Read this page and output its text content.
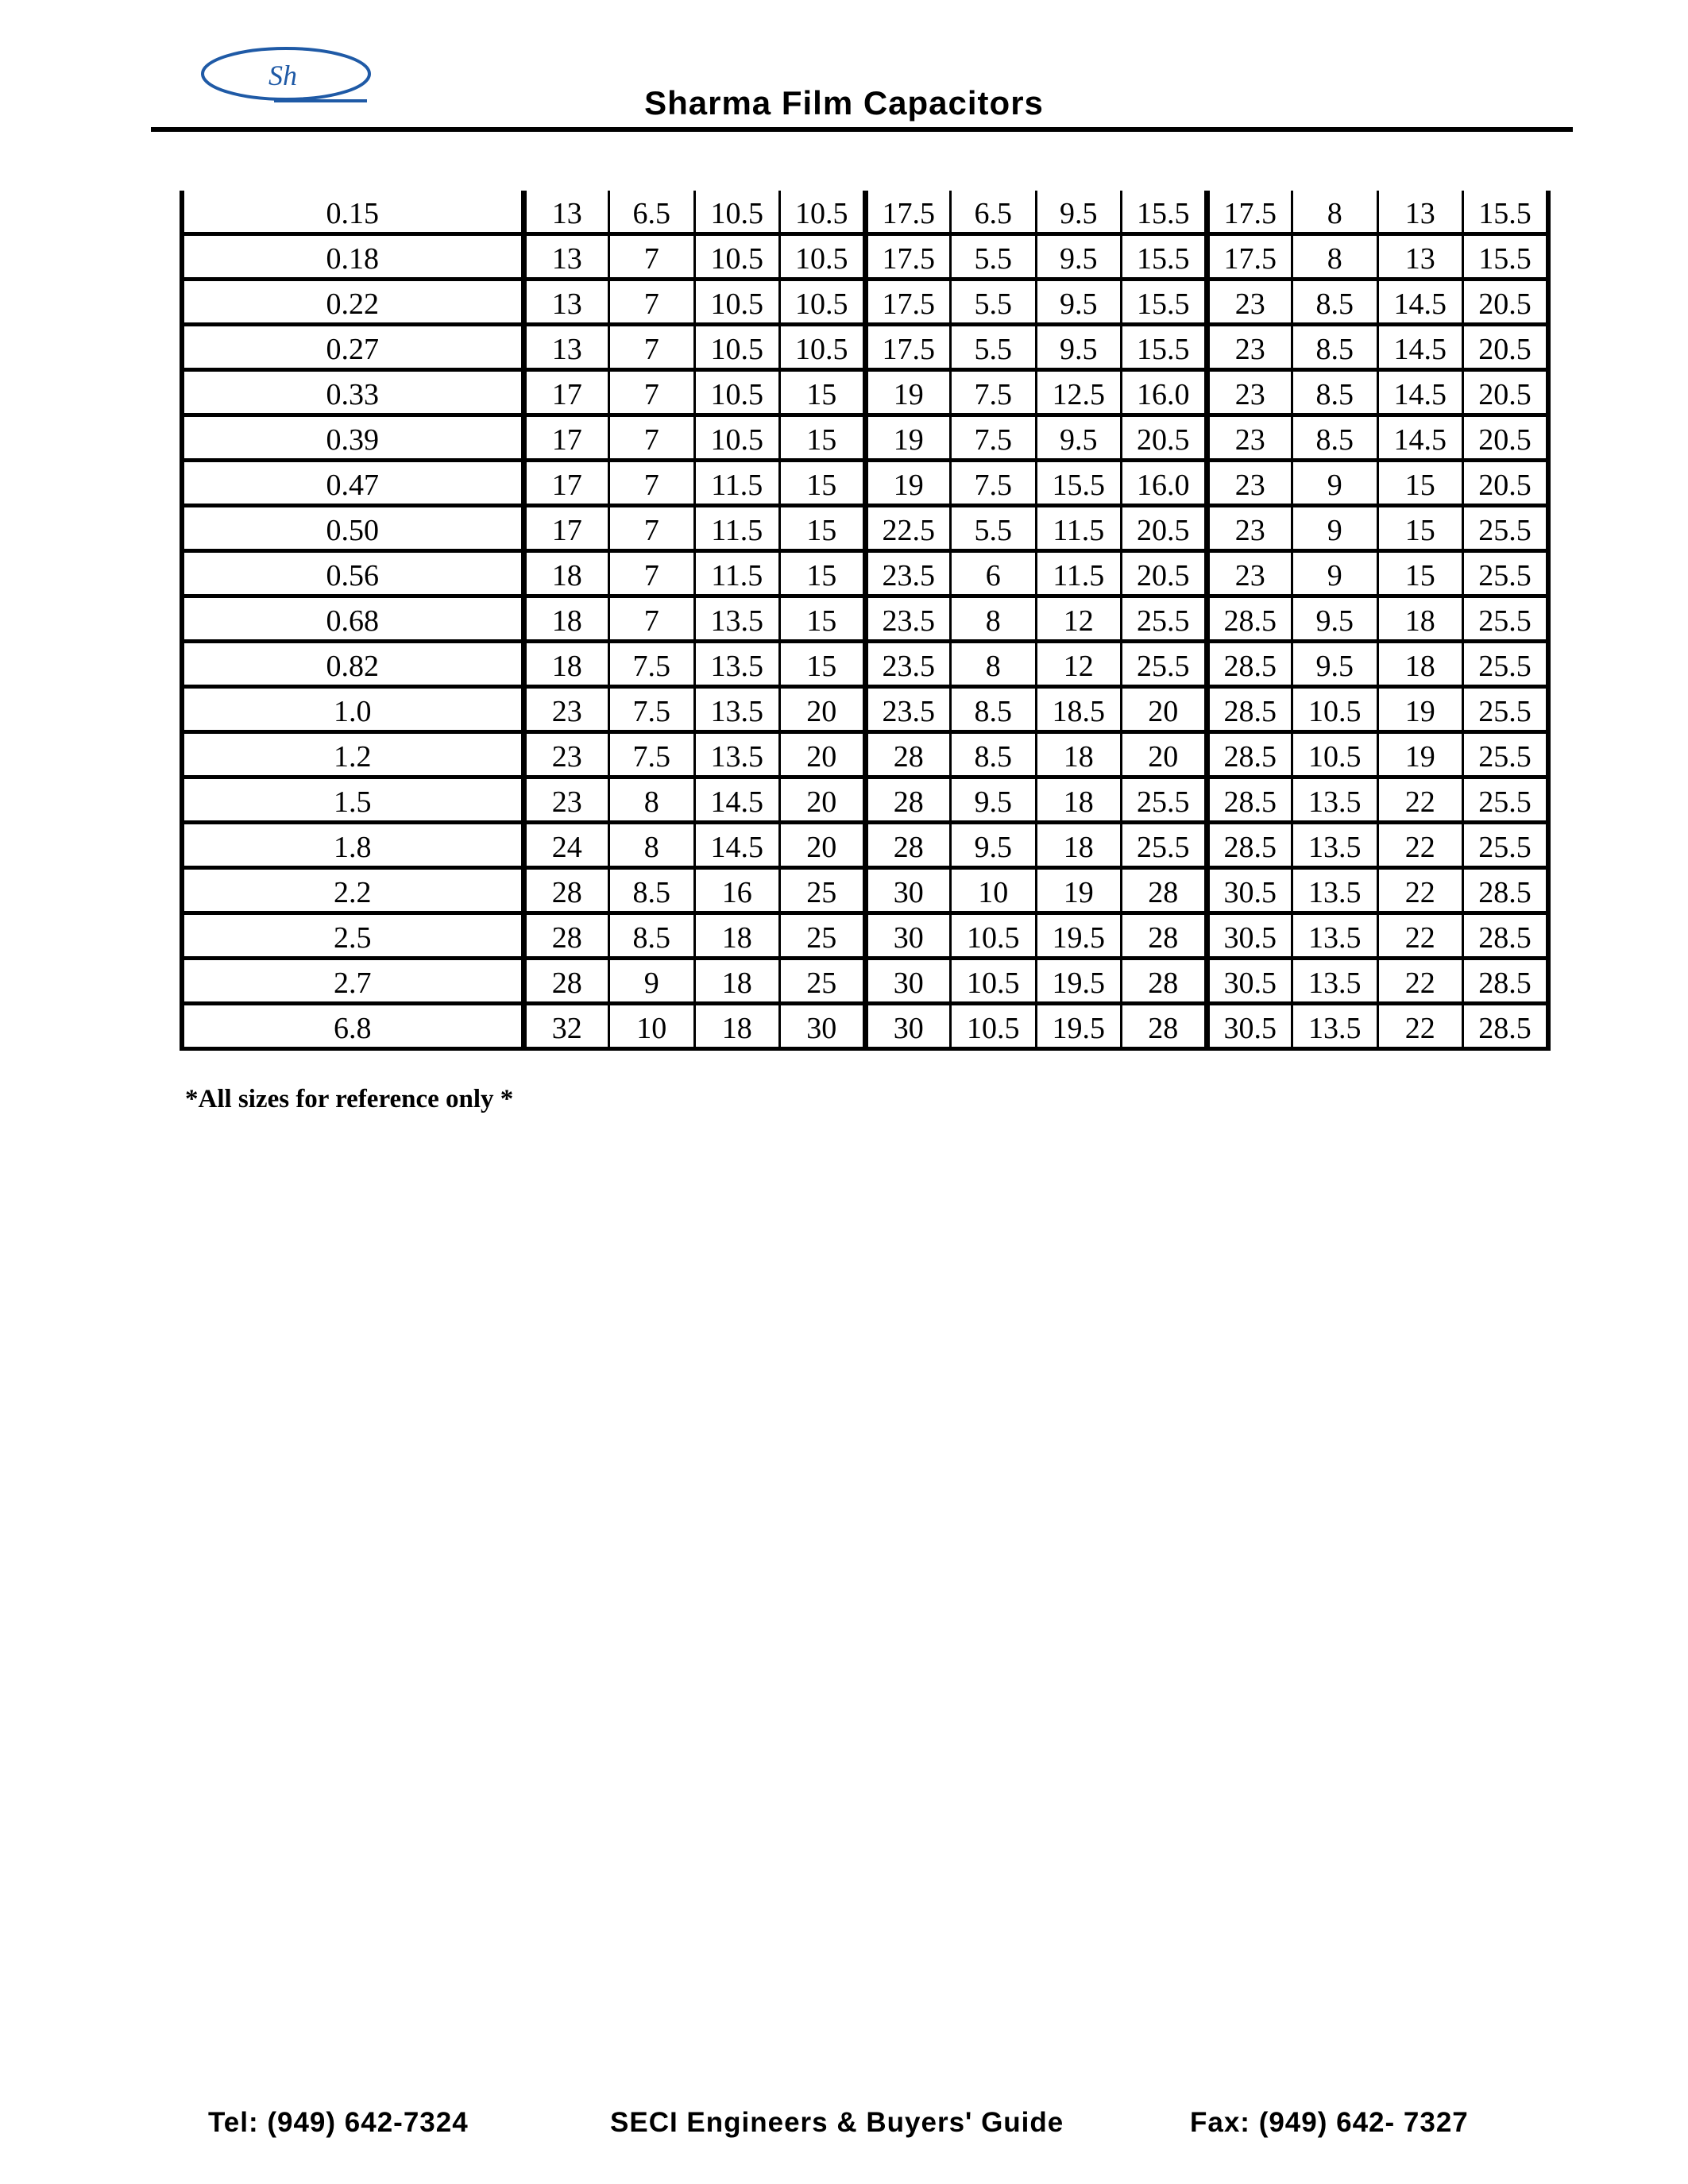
Sh
Sharma Film Capacitors
0.15	13	6.5	10.5	10.5	17.5	6.5	9.5	15.5	17.5	8	13	15.5
0.18	13	7	10.5	10.5	17.5	5.5	9.5	15.5	17.5	8	13	15.5
0.22	13	7	10.5	10.5	17.5	5.5	9.5	15.5	23	8.5	14.5	20.5
0.27	13	7	10.5	10.5	17.5	5.5	9.5	15.5	23	8.5	14.5	20.5
0.33	17	7	10.5	15	19	7.5	12.5	16.0	23	8.5	14.5	20.5
0.39	17	7	10.5	15	19	7.5	9.5	20.5	23	8.5	14.5	20.5
0.47	17	7	11.5	15	19	7.5	15.5	16.0	23	9	15	20.5
0.50	17	7	11.5	15	22.5	5.5	11.5	20.5	23	9	15	25.5
0.56	18	7	11.5	15	23.5	6	11.5	20.5	23	9	15	25.5
0.68	18	7	13.5	15	23.5	8	12	25.5	28.5	9.5	18	25.5
0.82	18	7.5	13.5	15	23.5	8	12	25.5	28.5	9.5	18	25.5
1.0	23	7.5	13.5	20	23.5	8.5	18.5	20	28.5	10.5	19	25.5
1.2	23	7.5	13.5	20	28	8.5	18	20	28.5	10.5	19	25.5
1.5	23	8	14.5	20	28	9.5	18	25.5	28.5	13.5	22	25.5
1.8	24	8	14.5	20	28	9.5	18	25.5	28.5	13.5	22	25.5
2.2	28	8.5	16	25	30	10	19	28	30.5	13.5	22	28.5
2.5	28	8.5	18	25	30	10.5	19.5	28	30.5	13.5	22	28.5
2.7	28	9	18	25	30	10.5	19.5	28	30.5	13.5	22	28.5
6.8	32	10	18	30	30	10.5	19.5	28	30.5	13.5	22	28.5
*All sizes for reference only *
Tel: (949) 642-7324	SECI Engineers & Buyers' Guide	Fax: (949) 642- 7327
